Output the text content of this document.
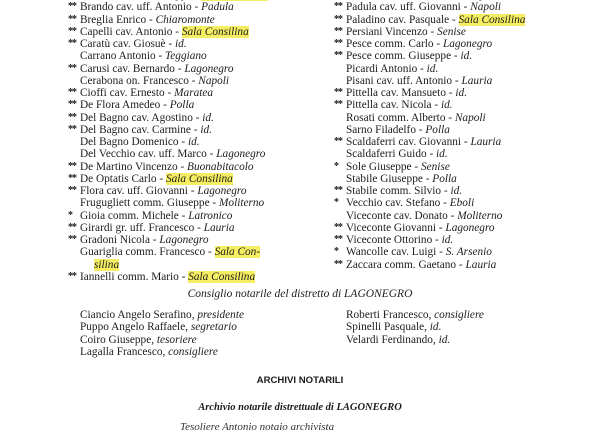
** Brando cav. uff. Antonio - Padula
** Breglia Enrico - Chiaromonte
** Capelli cav. Antonio - Sala Consilina
** Caratù cav. Giosuè - id.
Carrano Antonio - Teggiano
** Carusi cav. Bernardo - Lagonegro
Cerabona on. Francesco - Napoli
** Cioffi cav. Ernesto - Maratea
** De Flora Amedeo - Polla
** Del Bagno cav. Agostino - id.
** Del Bagno cav. Carmine - id.
Del Bagno Domenico - id.
Del Vecchio cav. uff. Marco - Lagonegro
** De Martino Vincenzo - Buonabitacolo
** De Optatis Carlo - Sala Consilina
** Flora cav. uff. Giovanni - Lagonegro
Frugugliett comm. Giuseppe - Moliterno
* Gioia comm. Michele - Latronico
** Girardi gr. uff. Francesco - Lauria
** Gradoni Nicola - Lagonegro
Guariglia comm. Francesco - Sala Con-
silina
** Iannelli comm. Mario - Sala Consilina
** Padula cav. uff. Giovanni - Napoli
** Paladino cav. Pasquale - Sala Consilina
** Persiani Vincenzo - Senise
** Pesce comm. Carlo - Lagonegro
** Pesce comm. Giuseppe - id.
Picardi Antonio - id.
Pisani cav. uff. Antonio - Lauria
** Pittella cav. Mansueto - id.
** Pittella cav. Nicola - id.
Rosati comm. Alberto - Napoli
Sarno Filadelfo - Polla
** Scaldaferri cav. Giovanni - Lauria
Scaldaferri Guido - id.
* Sole Giuseppe - Senise
Stabile Giuseppe - Polla
** Stabile comm. Silvio - id.
* Vecchio cav. Stefano - Eboli
Viceconte cav. Donato - Moliterno
** Viceconte Giovanni - Lagonegro
** Viceconte Ottorino - id.
* Wancolle cav. Luigi - S. Arsenio
** Zaccara comm. Gaetano - Lauria
Consiglio notarile del distretto di LAGONEGRO
Ciancio Angelo Serafino, presidente	Roberti Francesco, consigliere
Puppo Angelo Raffaele, segretario	Spinelli Pasquale, id.
Coiro Giuseppe, tesoriere	Velardi Ferdinando, id.
Lagalla Francesco, consigliere
ARCHIVI NOTARILI
Archivio notarile distrettuale di LAGONEGRO
Tesoliere Antonio notaio archivista
